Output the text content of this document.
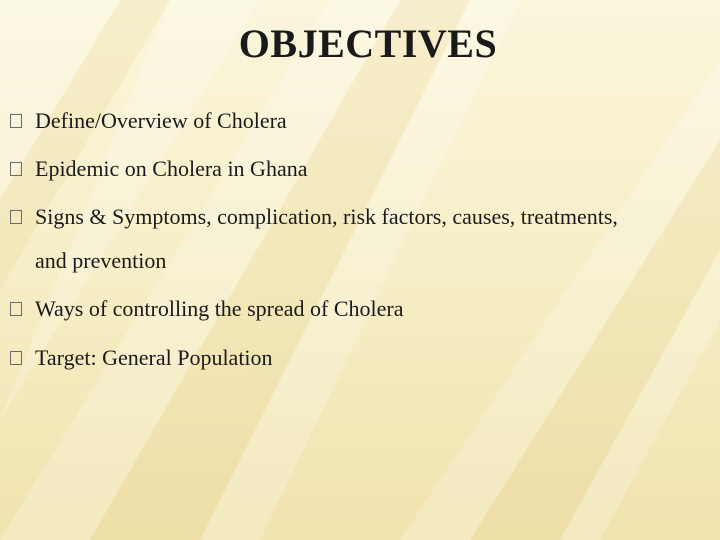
OBJECTIVES
Define/Overview of Cholera
Epidemic on Cholera in Ghana
Signs & Symptoms, complication, risk factors, causes, treatments,
and prevention
Ways of controlling the spread of Cholera
Target: General Population
